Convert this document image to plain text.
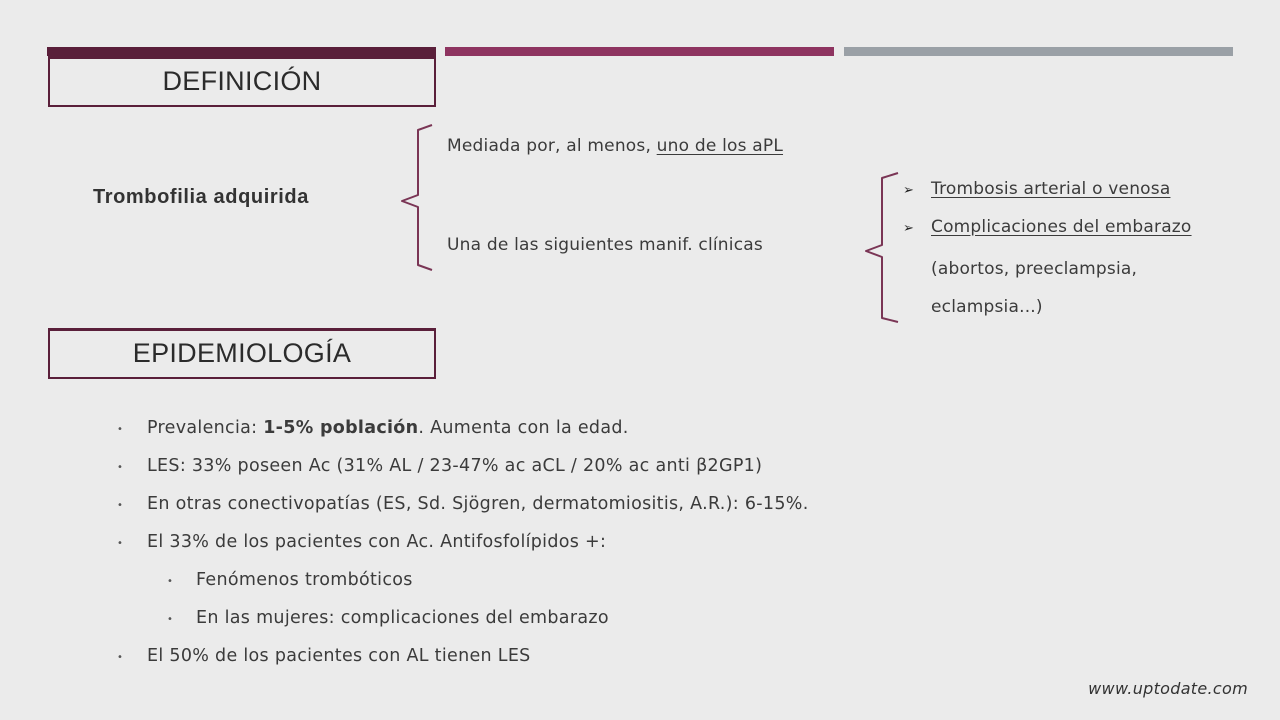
DEFINICIÓN
Trombofilia adquirida
Mediada por, al menos, uno de los aPL
Una de las siguientes manif. clínicas
➢ Trombosis arterial o venosa
➢ Complicaciones del embarazo
(abortos, preeclampsia,
eclampsia...)
EPIDEMIOLOGÍA
• Prevalencia: 1-5% población. Aumenta con la edad.
• LES: 33% poseen Ac (31% AL / 23-47% ac aCL / 20% ac anti β2GP1)
• En otras conectivopatías (ES, Sd. Sjögren, dermatomiositis, A.R.): 6-15%.
• El 33% de los pacientes con Ac. Antifosfolípidos +:
• Fenómenos trombóticos
• En las mujeres: complicaciones del embarazo
• El 50% de los pacientes con AL tienen LES
www.uptodate.com
